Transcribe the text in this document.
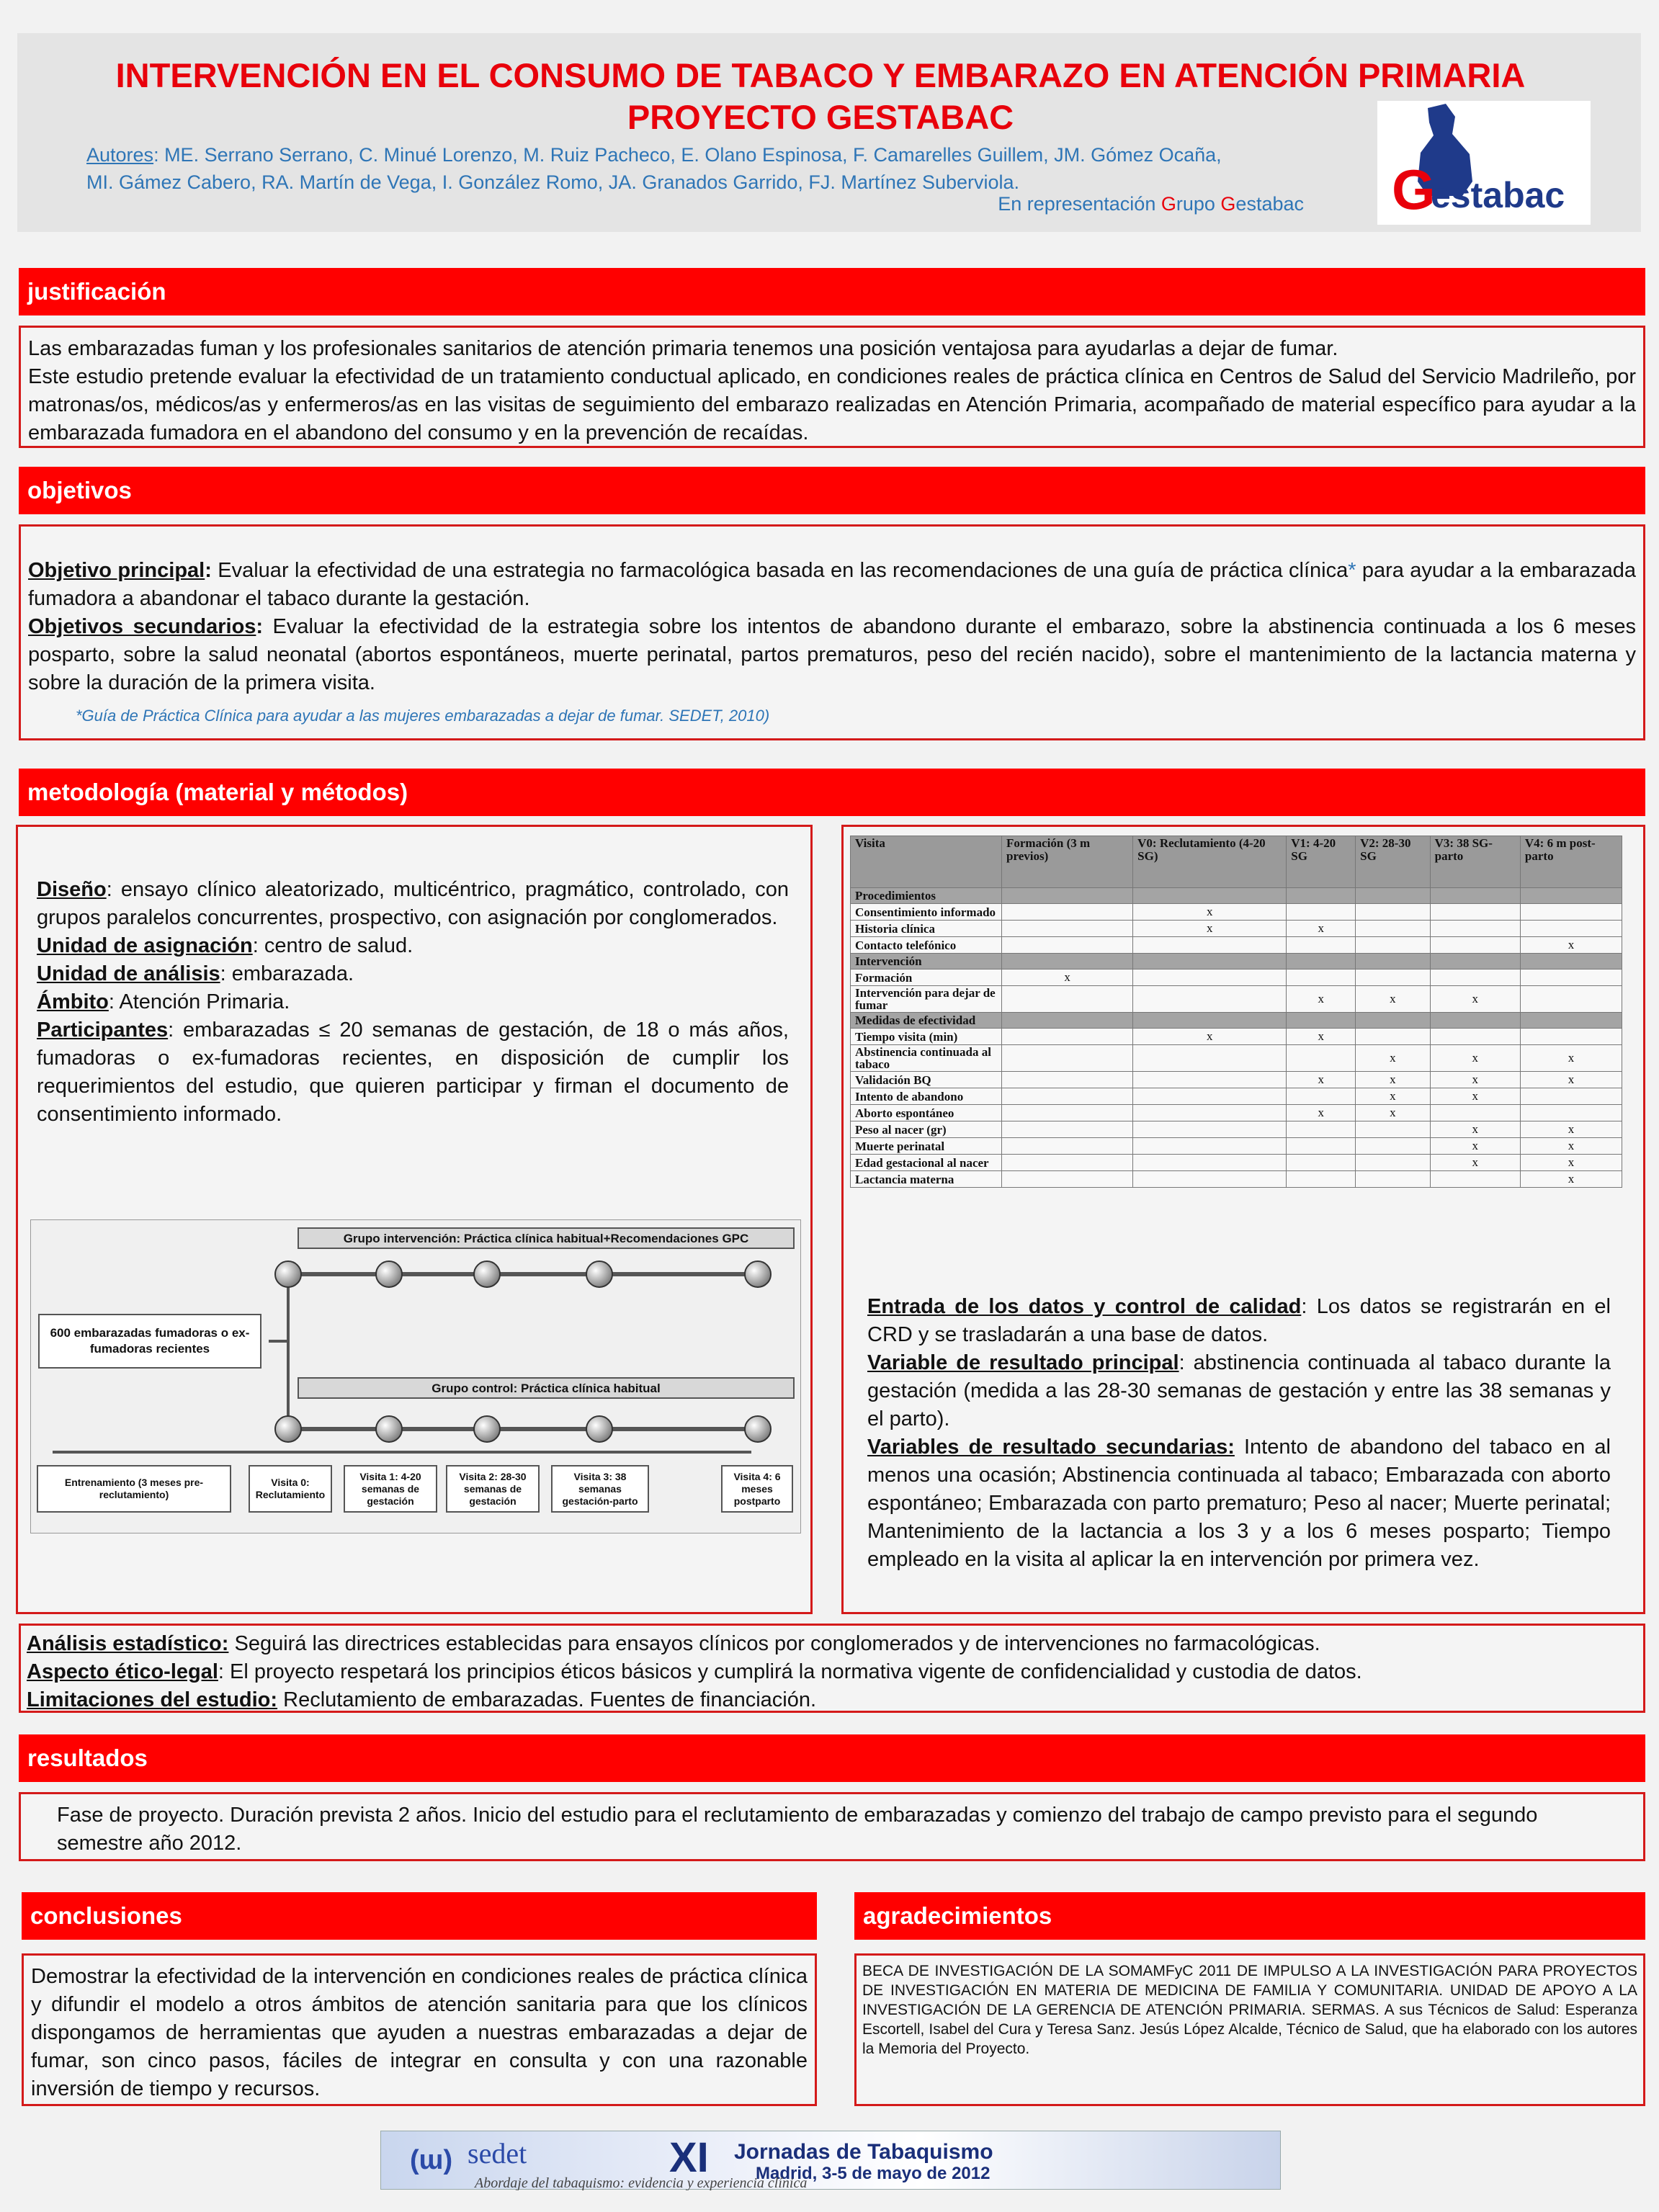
INTERVENCIÓN EN EL CONSUMO DE TABACO Y EMBARAZO EN ATENCIÓN PRIMARIA
PROYECTO GESTABAC
Autores: ME. Serrano Serrano, C. Minué Lorenzo, M. Ruiz Pacheco, E. Olano Espinosa, F. Camarelles Guillem, JM. Gómez Ocaña,
MI. Gámez Cabero, RA. Martín de Vega, I. González Romo, JA. Granados Garrido, FJ. Martínez Suberviola.
En representación Grupo Gestabac G
estabac
justificación

Las embarazadas fuman y los profesionales sanitarios de atención primaria tenemos una posición ventajosa para ayudarlas a dejar de fumar.

Este estudio pretende evaluar la efectividad de un tratamiento conductual aplicado, en condiciones reales de práctica clínica en Centros de Salud del Servicio Madrileño, por matronas/os, médicos/as y enfermeros/as en las visitas de seguimiento del embarazo realizadas en Atención Primaria, acompañado de material específico para ayudar a la embarazada fumadora en el abandono del consumo y en la prevención de recaídas.

objetivos

Objetivo principal: Evaluar la efectividad de una estrategia no farmacológica basada en las recomendaciones de una guía de práctica clínica* para ayudar a la embarazada fumadora a abandonar el tabaco durante la gestación.

Objetivos secundarios: Evaluar la efectividad de la estrategia sobre los intentos de abandono durante el embarazo, sobre la abstinencia continuada a los 6 meses posparto, sobre la salud neonatal (abortos espontáneos, muerte perinatal, partos prematuros, peso del recién nacido), sobre el mantenimiento de la lactancia materna y sobre la duración de la primera visita.

*Guía de Práctica Clínica para ayudar a las mujeres embarazadas a dejar de fumar. SEDET, 2010)

metodología (material y métodos)

Diseño: ensayo clínico aleatorizado, multicéntrico, pragmático, controlado, con grupos paralelos concurrentes, prospectivo, con asignación por conglomerados.

Unidad de asignación: centro de salud.

Unidad de análisis: embarazada.

Ámbito: Atención Primaria.

Participantes: embarazadas ≤ 20 semanas de gestación, de 18 o más años, fumadoras o ex-fumadoras recientes, en disposición de cumplir los requerimientos del estudio, que quieren participar y firman el documento de consentimiento informado.

Grupo intervención: Práctica clínica habitual+Recomendaciones GPC
Grupo control: Práctica clínica habitual
600 embarazadas fumadoras o ex-fumadoras recientes
Entrenamiento (3 meses pre-reclutamiento)
Visita 0: Reclutamiento
Visita 1: 4-20 semanas de gestación
Visita 2: 28-30 semanas de gestación
Visita 3: 38 semanas gestación-parto
Visita 4: 6 meses postparto
Visita	Formación (3 m previos)	V0: Reclutamiento (4-20 SG)	V1: 4-20 SG	V2: 28-30 SG	V3: 38 SG-parto	V4: 6 m post-parto
Procedimientos						
Consentimiento informado		x				
Historia clínica		x	x			
Contacto telefónico						x
Intervención						
Formación	x					
Intervención para dejar de fumar			x	x	x	
Medidas de efectividad						
Tiempo visita (min)		x	x			
Abstinencia continuada al tabaco				x	x	x
Validación BQ			x	x	x	x
Intento de abandono				x	x	
Aborto espontáneo			x	x		
Peso al nacer (gr)					x	x
Muerte perinatal					x	x
Edad gestacional al nacer					x	x
Lactancia materna						x

Entrada de los datos y control de calidad: Los datos se registrarán en el CRD y se trasladarán a una base de datos.

Variable de resultado principal: abstinencia continuada al tabaco durante la gestación (medida a las 28-30 semanas de gestación y entre las 38 semanas y el parto).

Variables de resultado secundarias: Intento de abandono del tabaco en al menos una ocasión; Abstinencia continuada al tabaco; Embarazada con aborto espontáneo; Embarazada con parto prematuro; Peso al nacer; Muerte perinatal; Mantenimiento de la lactancia a los 3 y a los 6 meses posparto; Tiempo empleado en la visita al aplicar la en intervención por primera vez.

Análisis estadístico: Seguirá las directrices establecidas para ensayos clínicos por conglomerados y de intervenciones no farmacológicas.

Aspecto ético-legal: El proyecto respetará los principios éticos básicos y cumplirá la normativa vigente de confidencialidad y custodia de datos.

Limitaciones del estudio: Reclutamiento de embarazadas. Fuentes de financiación.

resultados

Fase de proyecto. Duración prevista 2 años. Inicio del estudio para el reclutamiento de embarazadas y comienzo del trabajo de campo previsto para el segundo semestre año 2012.

conclusiones

Demostrar la efectividad de la intervención en condiciones reales de práctica clínica y difundir el modelo a otros ámbitos de atención sanitaria para que los clínicos dispongamos de herramientas que ayuden a nuestras embarazadas a dejar de fumar, son cinco pasos, fáciles de integrar en consulta y con una razonable inversión de tiempo y recursos.

agradecimientos

BECA DE INVESTIGACIÓN DE LA SOMAMFyC 2011 DE IMPULSO A LA INVESTIGACIÓN PARA PROYECTOS DE INVESTIGACIÓN EN MATERIA DE MEDICINA DE FAMILIA Y COMUNITARIA. UNIDAD DE APOYO A LA INVESTIGACIÓN DE LA GERENCIA DE ATENCIÓN PRIMARIA. SERMAS. A sus Técnicos de Salud: Esperanza Escortell, Isabel del Cura y Teresa Sanz. Jesús López Alcalde, Técnico de Salud, que ha elaborado con los autores la Memoria del Proyecto.

(ɯ) sedet	XI Jornadas de Tabaquismo
Madrid, 3-5 de mayo de 2012
Abordaje del tabaquismo: evidencia y experiencia clínica
